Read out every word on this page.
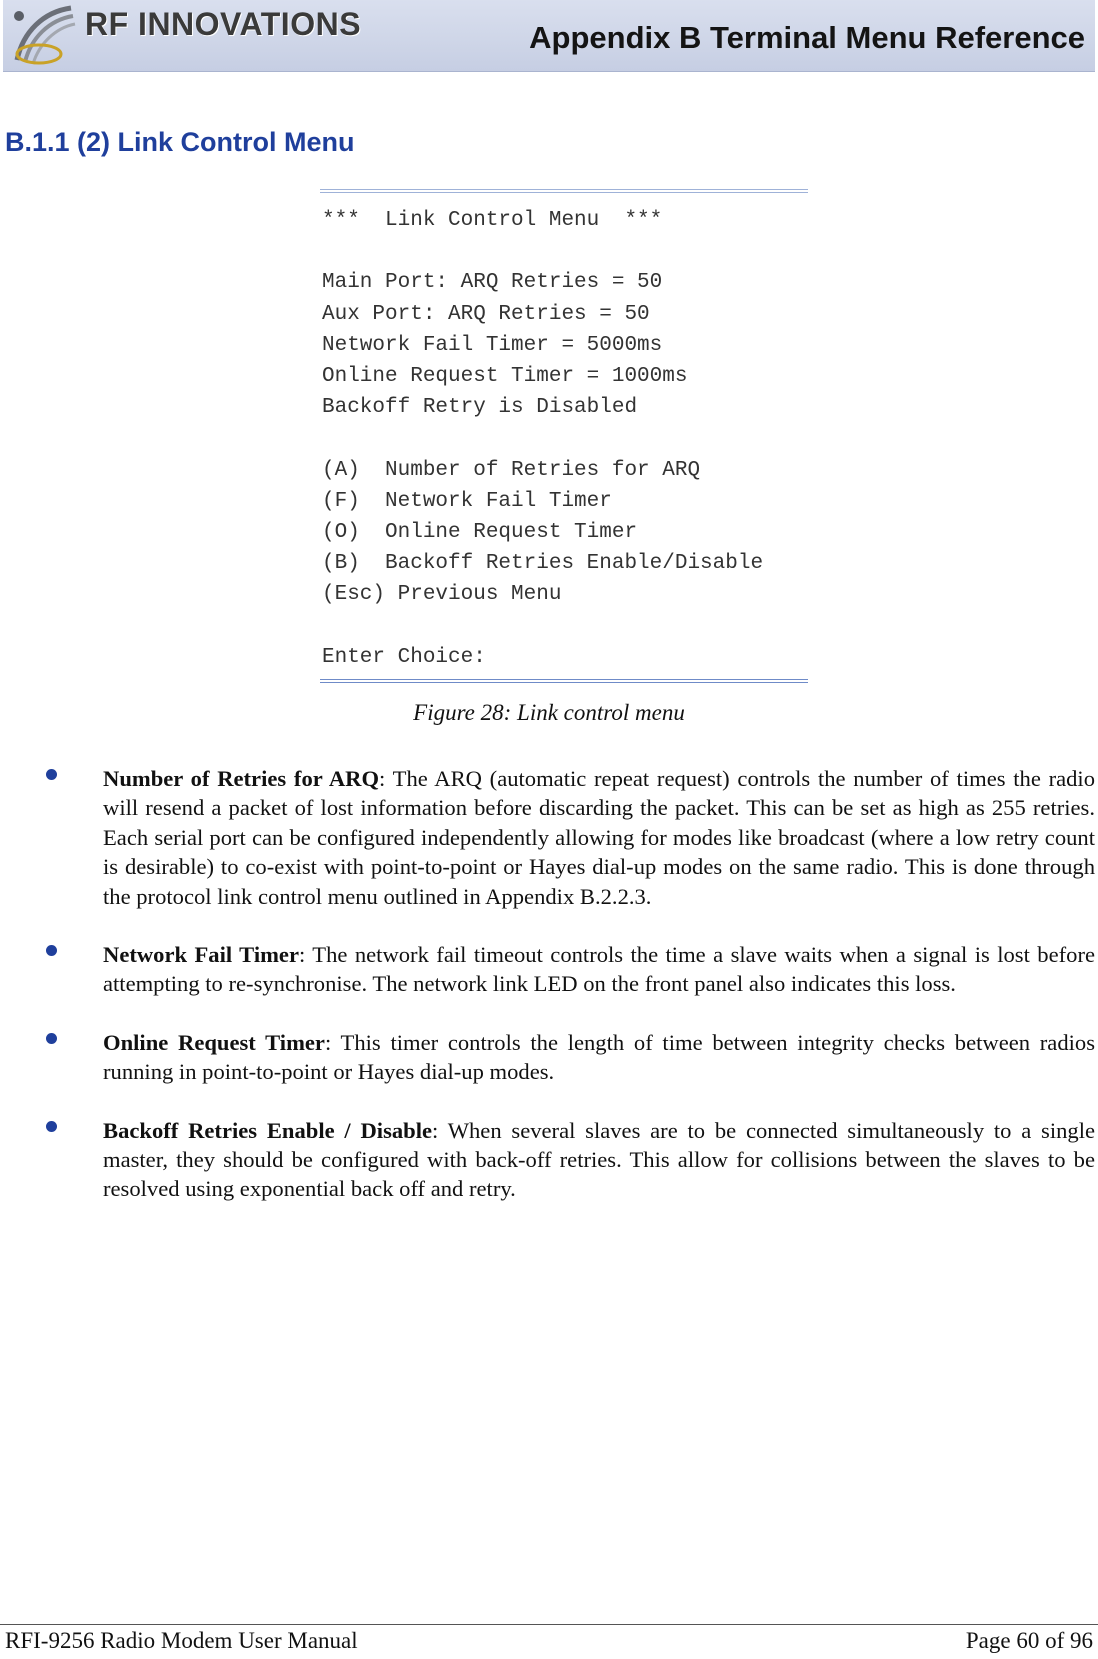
RF INNOVATIONS	Appendix B Terminal Menu Reference
B.1.1 (2) Link Control Menu
***  Link Control Menu  ***
Main Port: ARQ Retries = 50
Aux Port: ARQ Retries = 50
Network Fail Timer = 5000ms
Online Request Timer = 1000ms
Backoff Retry is Disabled
(A)  Number of Retries for ARQ
(F)  Network Fail Timer
(O)  Online Request Timer
(B)  Backoff Retries Enable/Disable
(Esc) Previous Menu
Enter Choice:
Figure 28: Link control menu
Number of Retries for ARQ: The ARQ (automatic repeat request) controls the number of times the radio will resend a packet of lost information before discarding the packet. This can be set as high as 255 retries. Each serial port can be configured independently allowing for modes like broadcast (where a low retry count is desirable) to co-exist with point-to-point or Hayes dial-up modes on the same radio. This is done through the protocol link control menu outlined in Appendix B.2.2.3.
Network Fail Timer: The network fail timeout controls the time a slave waits when a signal is lost before attempting to re-synchronise. The network link LED on the front panel also indicates this loss.
Online Request Timer: This timer controls the length of time between integrity checks between radios running in point-to-point or Hayes dial-up modes.
Backoff Retries Enable / Disable: When several slaves are to be connected simultaneously to a single master, they should be configured with back-off retries. This allow for collisions between the slaves to be resolved using exponential back off and retry.
RFI-9256 Radio Modem User Manual	Page 60 of 96
